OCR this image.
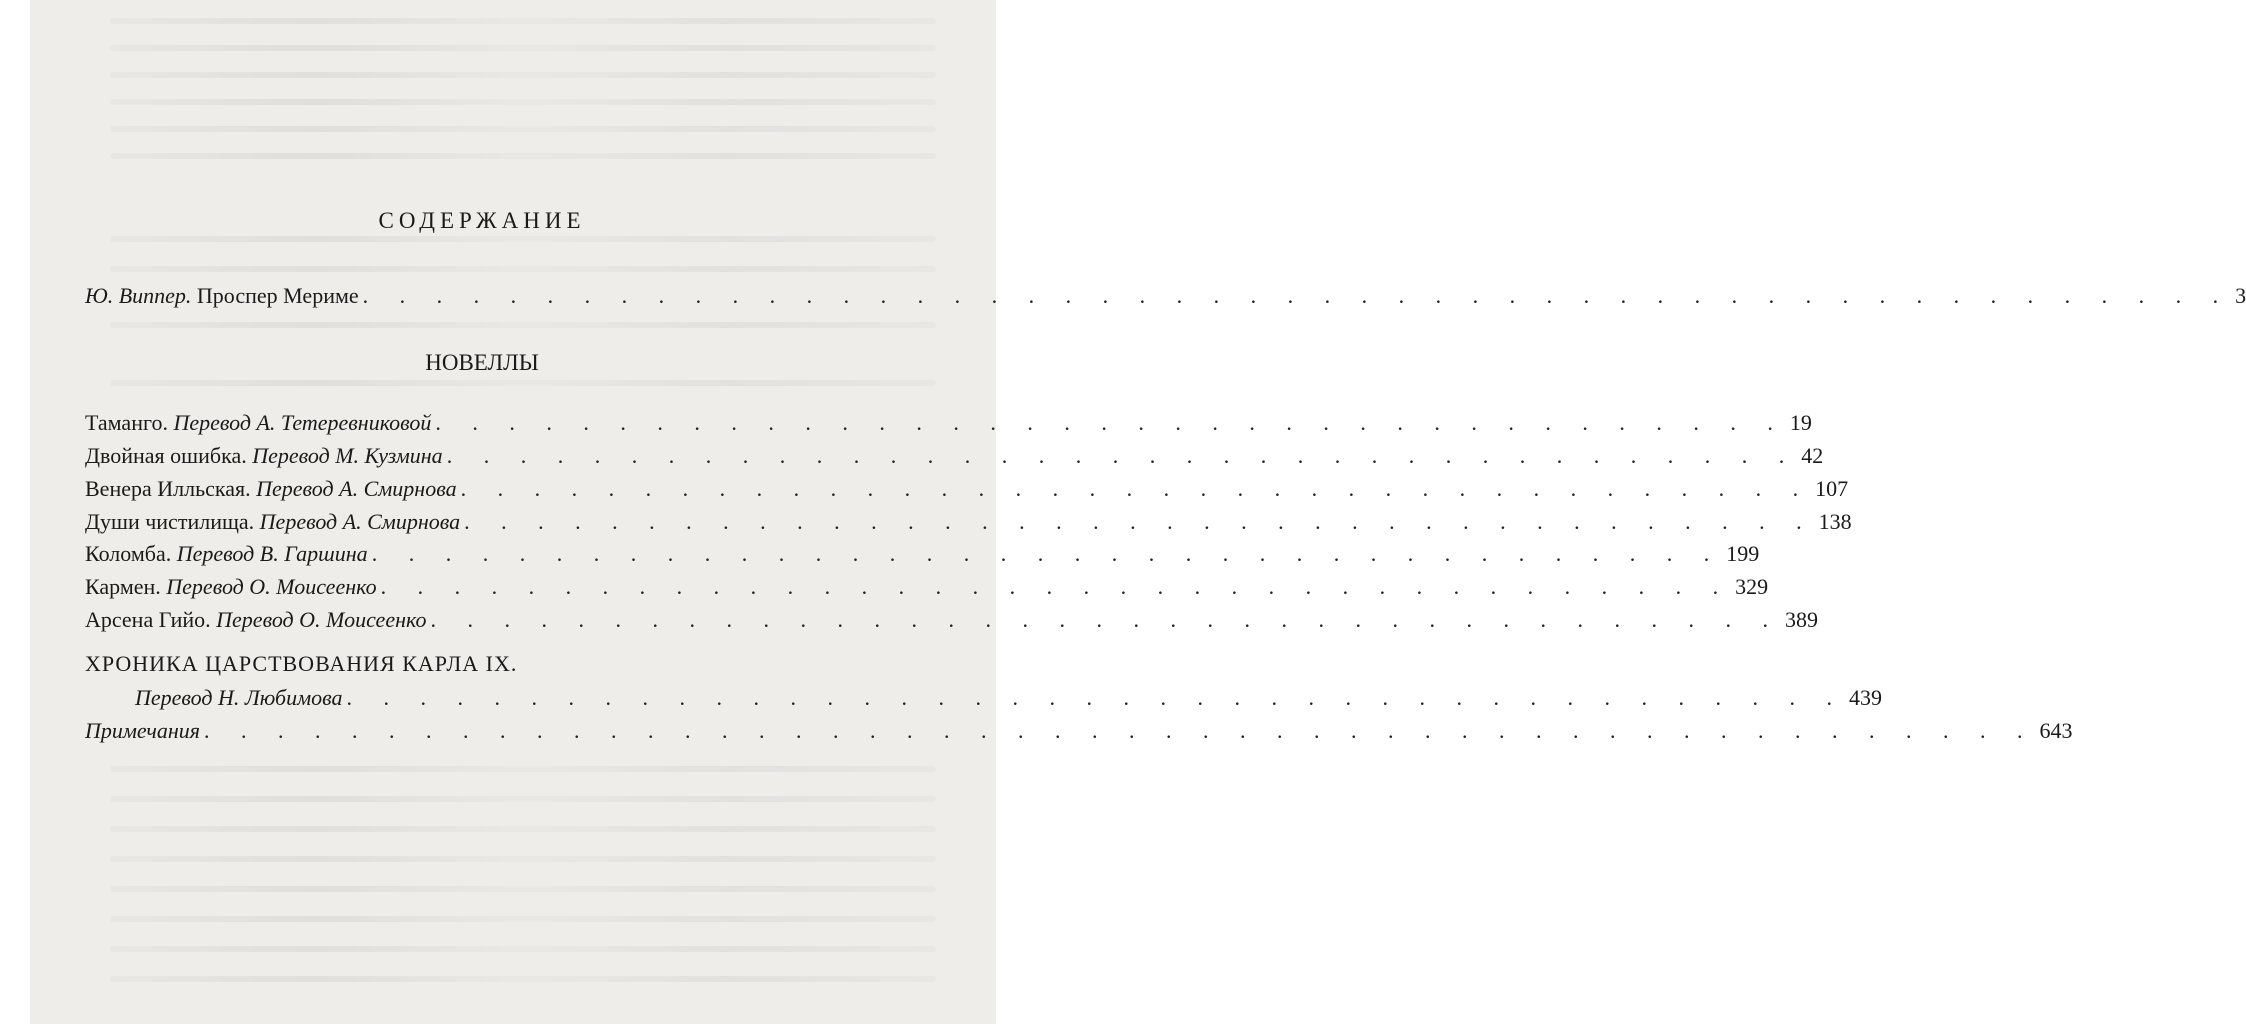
СОДЕРЖАНИЕ
Ю. Виппер. Проспер Мериме . . . . . . . . . . . . . . . . . . . . . . . . . . . . . . . . . . . . . . . . . . . . . . . . . . . 3
НОВЕЛЛЫ
Таманго. Перевод А. Тетеревниковой . . . . . . . . . . . . . . . . . . . . . . . . . . . . . . . . . . . . . 19
Двойная ошибка. Перевод М. Кузмина . . . . . . . . . . . . . . . . . . . . . . . . . . . . . . . . . . . . . 42
Венера Илльская. Перевод А. Смирнова . . . . . . . . . . . . . . . . . . . . . . . . . . . . . . . . . . . . . 107
Души чистилища. Перевод А. Смирнова . . . . . . . . . . . . . . . . . . . . . . . . . . . . . . . . . . . . . 138
Коломба. Перевод В. Гаршина . . . . . . . . . . . . . . . . . . . . . . . . . . . . . . . . . . . . . 199
Кармен. Перевод О. Моисеенко . . . . . . . . . . . . . . . . . . . . . . . . . . . . . . . . . . . . . 329
Арсена Гийо. Перевод О. Моисеенко . . . . . . . . . . . . . . . . . . . . . . . . . . . . . . . . . . . . . 389
ХРОНИКА ЦАРСТВОВАНИЯ КАРЛА IX.
Перевод Н. Любимова . . . . . . . . . . . . . . . . . . . . . . . . . . . . . . . . . . . . . . . . . 439
Примечания . . . . . . . . . . . . . . . . . . . . . . . . . . . . . . . . . . . . . . . . . . . . . . . . . . 643
